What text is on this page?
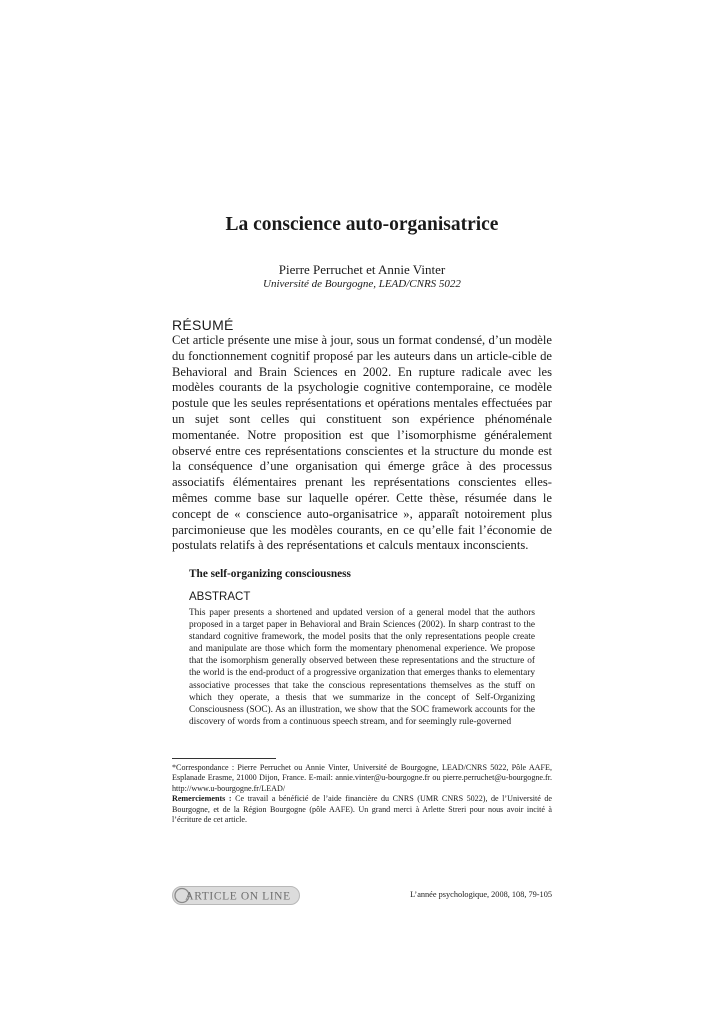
La conscience auto-organisatrice
Pierre Perruchet et Annie Vinter
Université de Bourgogne, LEAD/CNRS 5022
RÉSUMÉ
Cet article présente une mise à jour, sous un format condensé, d’un modèle du fonctionnement cognitif proposé par les auteurs dans un article-cible de Behavioral and Brain Sciences en 2002. En rupture radicale avec les modèles courants de la psychologie cognitive contemporaine, ce modèle postule que les seules représentations et opérations mentales effectuées par un sujet sont celles qui constituent son expérience phénoménale momentanée. Notre proposition est que l’isomorphisme généralement observé entre ces représentations conscientes et la structure du monde est la conséquence d’une organisation qui émerge grâce à des processus associatifs élémentaires prenant les représentations conscientes elles-mêmes comme base sur laquelle opérer. Cette thèse, résumée dans le concept de « conscience auto-organisatrice », apparaît notoirement plus parcimonieuse que les modèles courants, en ce qu’elle fait l’économie de postulats relatifs à des représentations et calculs mentaux inconscients.
The self-organizing consciousness
ABSTRACT
This paper presents a shortened and updated version of a general model that the authors proposed in a target paper in Behavioral and Brain Sciences (2002). In sharp contrast to the standard cognitive framework, the model posits that the only representations people create and manipulate are those which form the momentary phenomenal experience. We propose that the isomorphism generally observed between these representations and the structure of the world is the end-product of a progressive organization that emerges thanks to elementary associative processes that take the conscious representations themselves as the stuff on which they operate, a thesis that we summarize in the concept of Self-Organizing Consciousness (SOC). As an illustration, we show that the SOC framework accounts for the discovery of words from a continuous speech stream, and for seemingly rule-governed

*Correspondance : Pierre Perruchet ou Annie Vinter, Université de Bourgogne, LEAD/CNRS 5022, Pôle AAFE, Esplanade Erasme, 21000 Dijon, France. E-mail: annie.vinter@u-bourgogne.fr ou pierre.perruchet@u-bourgogne.fr. http://www.u-bourgogne.fr/LEAD/

Remerciements : Ce travail a bénéficié de l’aide financière du CNRS (UMR CNRS 5022), de l’Université de Bourgogne, et de la Région Bourgogne (pôle AAFE). Un grand merci à Arlette Streri pour nous avoir incité à l’écriture de cet article.

ARTICLE ON LINE	L’année psychologique, 2008, 108, 79-105
